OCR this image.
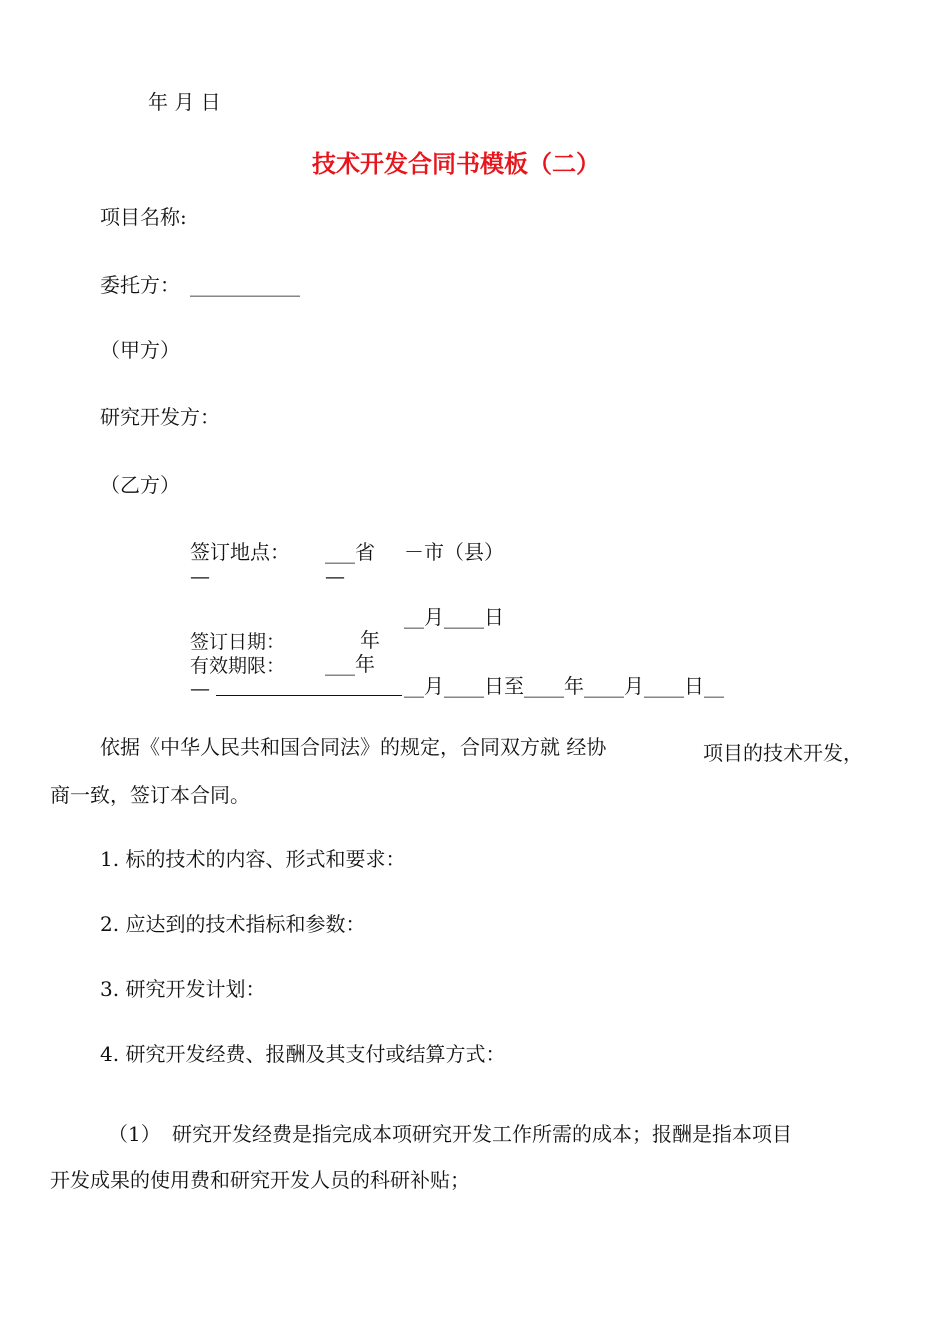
年 月 日
技术开发合同书模板（二）
项目名称:
委托方： ___________
（甲方）
研究开发方：
（乙方）
签订地点： ___省 －市（县）
—	—
__月____日
签订日期：	年
有效期限： ___年
—	__月____日至____年____月____日__
依据《中华人民共和国合同法》的规定，合同双方就 经协	项目的技术开发，
商一致，签订本合同。
1. 标的技术的内容、形式和要求：
2. 应达到的技术指标和参数：
3. 研究开发计划：
4. 研究开发经费、报酬及其支付或结算方式：
（1） 研究开发经费是指完成本项研究开发工作所需的成本；报酬是指本项目
开发成果的使用费和研究开发人员的科研补贴；
